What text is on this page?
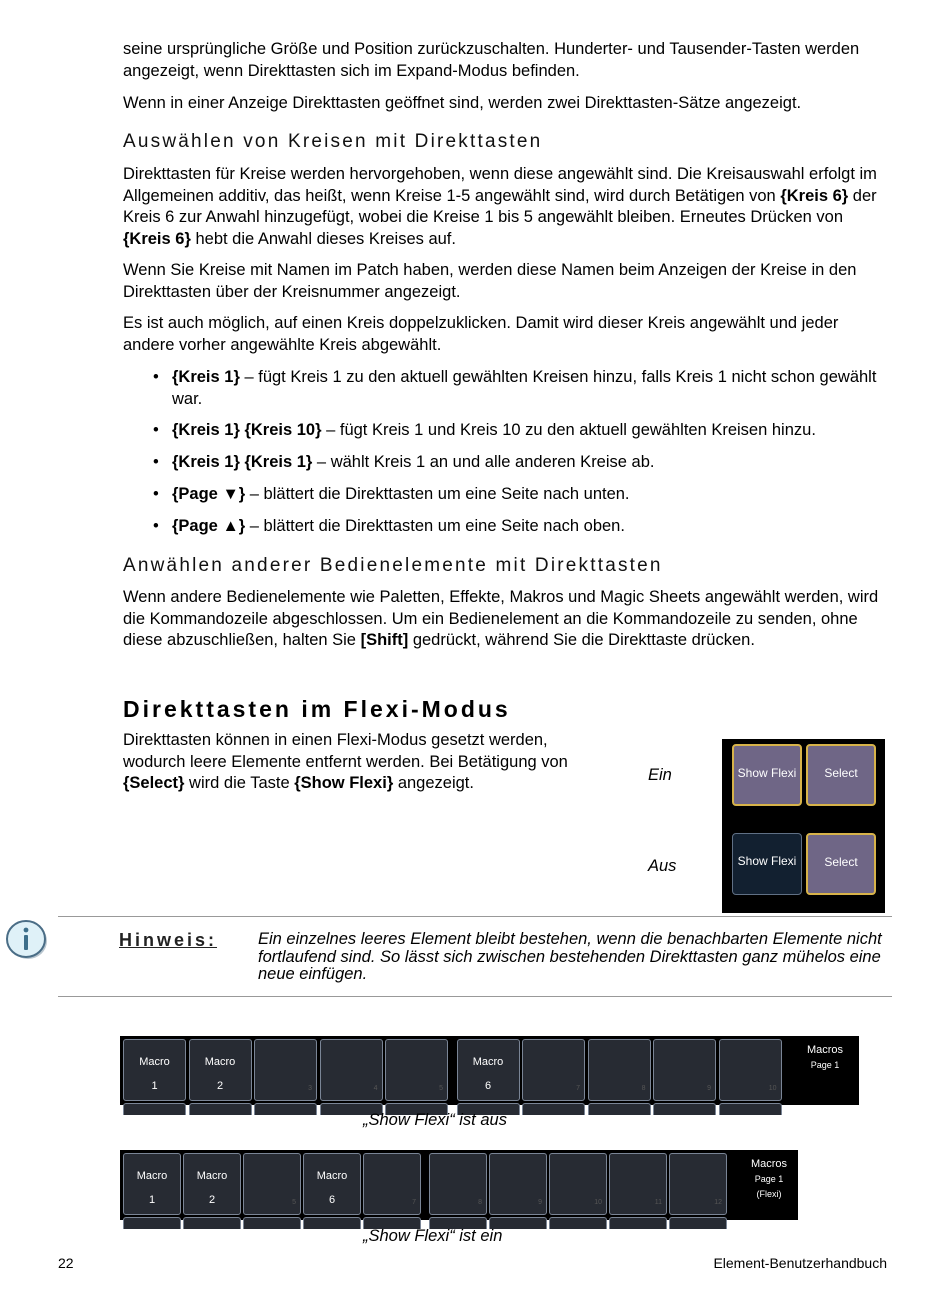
seine ursprüngliche Größe und Position zurückzuschalten. Hunderter- und Tausender-Tasten werden angezeigt, wenn Direkttasten sich im Expand-Modus befinden.
Wenn in einer Anzeige Direkttasten geöffnet sind, werden zwei Direkttasten-Sätze angezeigt.
Auswählen von Kreisen mit Direkttasten
Direkttasten für Kreise werden hervorgehoben, wenn diese angewählt sind. Die Kreisauswahl erfolgt im Allgemeinen additiv, das heißt, wenn Kreise 1-5 angewählt sind, wird durch Betätigen von {Kreis 6} der Kreis 6 zur Anwahl hinzugefügt, wobei die Kreise 1 bis 5 angewählt bleiben. Erneutes Drücken von {Kreis 6} hebt die Anwahl dieses Kreises auf.
Wenn Sie Kreise mit Namen im Patch haben, werden diese Namen beim Anzeigen der Kreise in den Direkttasten über der Kreisnummer angezeigt.
Es ist auch möglich, auf einen Kreis doppelzuklicken. Damit wird dieser Kreis angewählt und jeder andere vorher angewählte Kreis abgewählt.
• {Kreis 1} – fügt Kreis 1 zu den aktuell gewählten Kreisen hinzu, falls Kreis 1 nicht schon gewählt war.
• {Kreis 1} {Kreis 10} – fügt Kreis 1 und Kreis 10 zu den aktuell gewählten Kreisen hinzu.
• {Kreis 1} {Kreis 1} – wählt Kreis 1 an und alle anderen Kreise ab.
• {Page ▼} – blättert die Direkttasten um eine Seite nach unten.
• {Page ▲} – blättert die Direkttasten um eine Seite nach oben.
Anwählen anderer Bedienelemente mit Direkttasten
Wenn andere Bedienelemente wie Paletten, Effekte, Makros und Magic Sheets angewählt werden, wird die Kommandozeile abgeschlossen. Um ein Bedienelement an die Kommandozeile zu senden, ohne diese abzuschließen, halten Sie [Shift] gedrückt, während Sie die Direkttaste drücken.
Direkttasten im Flexi-Modus
Direkttasten können in einen Flexi-Modus gesetzt werden, wodurch leere Elemente entfernt werden. Bei Betätigung von {Select} wird die Taste {Show Flexi} angezeigt.	Ein
Aus
Show Flexi	Select
Show Flexi	Select
Hinweis: Ein einzelnes leeres Element bleibt bestehen, wenn die benachbarten Elemente nicht fortlaufend sind. So lässt sich zwischen bestehenden Direkttasten ganz mühelos eine neue einfügen.
Macro
1
Macro
2	3	4	5
Macro
6	7	8	9	10
Macros
Page 1
„Show Flexi“ ist aus
Macro
1
Macro
2	5
Macro
6	7	8	9	10	11	12
Macros
Page 1
(Flexi)
„Show Flexi“ ist ein
22	Element-Benutzerhandbuch
